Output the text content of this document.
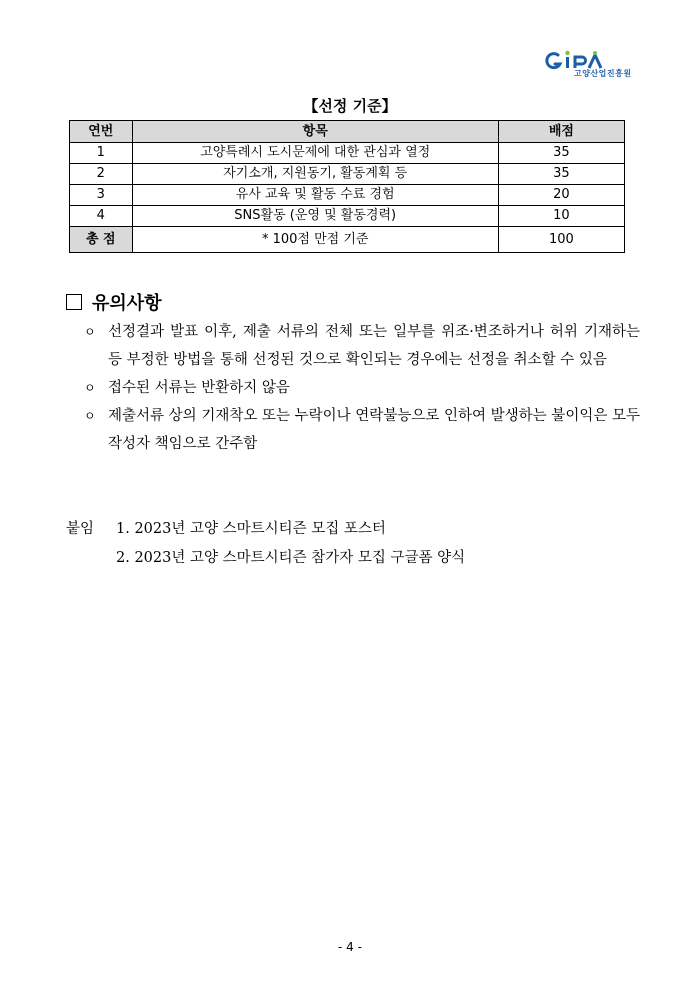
고양산업진흥원
【선정 기준】
연번	항목	배점
1	고양특례시 도시문제에 대한 관심과 열정	35
2	자기소개, 지원동기, 활동계획 등	35
3	유사 교육 및 활동 수료 경험	20
4	SNS활동 (운영 및 활동경력)	10
총 점	* 100점 만점 기준	100
유의사항
ㅇ 선정결과 발표 이후, 제출 서류의 전체 또는 일부를 위조·변조하거나 허위 기재하는 등 부정한 방법을 통해 선정된 것으로 확인되는 경우에는 선정을 취소할 수 있음
ㅇ 접수된 서류는 반환하지 않음
ㅇ 제출서류 상의 기재착오 또는 누락이나 연락불능으로 인하여 발생하는 불이익은 모두 작성자 책임으로 간주함
붙임 1. 2023년 고양 스마트시티즌 모집 포스터
2. 2023년 고양 스마트시티즌 참가자 모집 구글폼 양식
- 4 -
